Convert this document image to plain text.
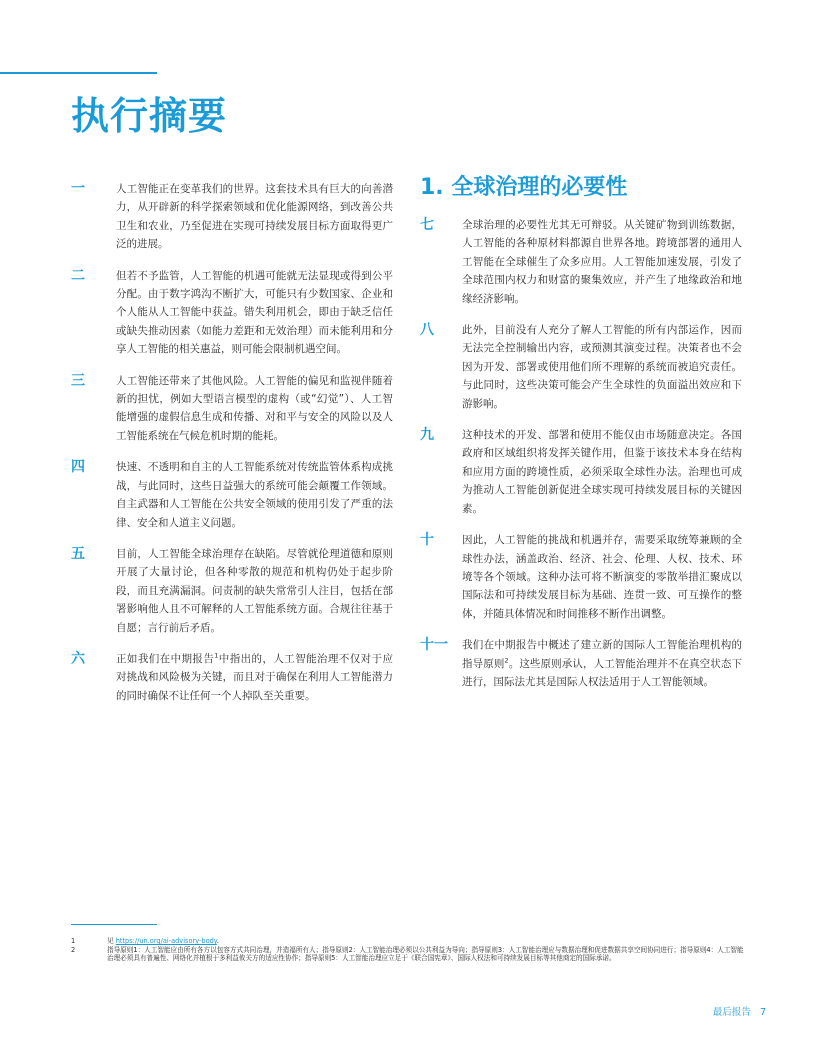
执行摘要
一	人工智能正在变革我们的世界。这套技术具有巨大的向善潜力，从开辟新的科学探索领域和优化能源网络，到改善公共卫生和农业，乃至促进在实现可持续发展目标方面取得更广泛的进展。
二	但若不予监管，人工智能的机遇可能就无法显现或得到公平分配。由于数字鸿沟不断扩大，可能只有少数国家、企业和个人能从人工智能中获益。错失利用机会，即由于缺乏信任或缺失推动因素（如能力差距和无效治理）而未能利用和分享人工智能的相关惠益，则可能会限制机遇空间。
三	人工智能还带来了其他风险。人工智能的偏见和监视伴随着新的担忧，例如大型语言模型的虚构（或“幻觉”）、人工智能增强的虚假信息生成和传播、对和平与安全的风险以及人工智能系统在气候危机时期的能耗。
四	快速、不透明和自主的人工智能系统对传统监管体系构成挑战，与此同时，这些日益强大的系统可能会颠覆工作领域。自主武器和人工智能在公共安全领域的使用引发了严重的法律、安全和人道主义问题。
五	目前，人工智能全球治理存在缺陷。尽管就伦理道德和原则开展了大量讨论，但各种零散的规范和机构仍处于起步阶段，而且充满漏洞。问责制的缺失常常引人注目，包括在部署影响他人且不可解释的人工智能系统方面。合规往往基于自愿；言行前后矛盾。
六	正如我们在中期报告$^1$中指出的，人工智能治理不仅对于应对挑战和风险极为关键，而且对于确保在利用人工智能潜力的同时确保不让任何一个人掉队至关重要。
1. 全球治理的必要性
七	全球治理的必要性尤其无可辩驳。从关键矿物到训练数据，人工智能的各种原材料都源自世界各地。跨境部署的通用人工智能在全球催生了众多应用。人工智能加速发展，引发了全球范围内权力和财富的聚集效应，并产生了地缘政治和地缘经济影响。
八	此外，目前没有人充分了解人工智能的所有内部运作，因而无法完全控制输出内容，或预测其演变过程。决策者也不会因为开发、部署或使用他们所不理解的系统而被追究责任。与此同时，这些决策可能会产生全球性的负面溢出效应和下游影响。
九	这种技术的开发、部署和使用不能仅由市场随意决定。各国政府和区域组织将发挥关键作用，但鉴于该技术本身在结构和应用方面的跨境性质，必须采取全球性办法。治理也可成为推动人工智能创新促进全球实现可持续发展目标的关键因素。
十	因此，人工智能的挑战和机遇并存，需要采取统筹兼顾的全球性办法，涵盖政治、经济、社会、伦理、人权、技术、环境等各个领域。这种办法可将不断演变的零散举措汇聚成以国际法和可持续发展目标为基础、连贯一致、可互操作的整体，并随具体情况和时间推移不断作出调整。
十一	我们在中期报告中概述了建立新的国际人工智能治理机构的指导原则$^2$。这些原则承认，人工智能治理并不在真空状态下进行，国际法尤其是国际人权法适用于人工智能领域。
1	见 https://un.org/ai-advisory-body.
2	指导原则1：人工智能应由所有各方以包容方式共同治理，并造福所有人；指导原则2：人工智能治理必须以公共利益为导向；指导原则3：人工智能治理应与数据治理和促进数据共享空间协同进行；指导原则4：人工智能治理必须具有普遍性、网络化并植根于多利益攸关方的适应性协作；指导原则5：人工智能治理应立足于《联合国宪章》、国际人权法和可持续发展目标等其他商定的国际承诺。
最后报告 7
